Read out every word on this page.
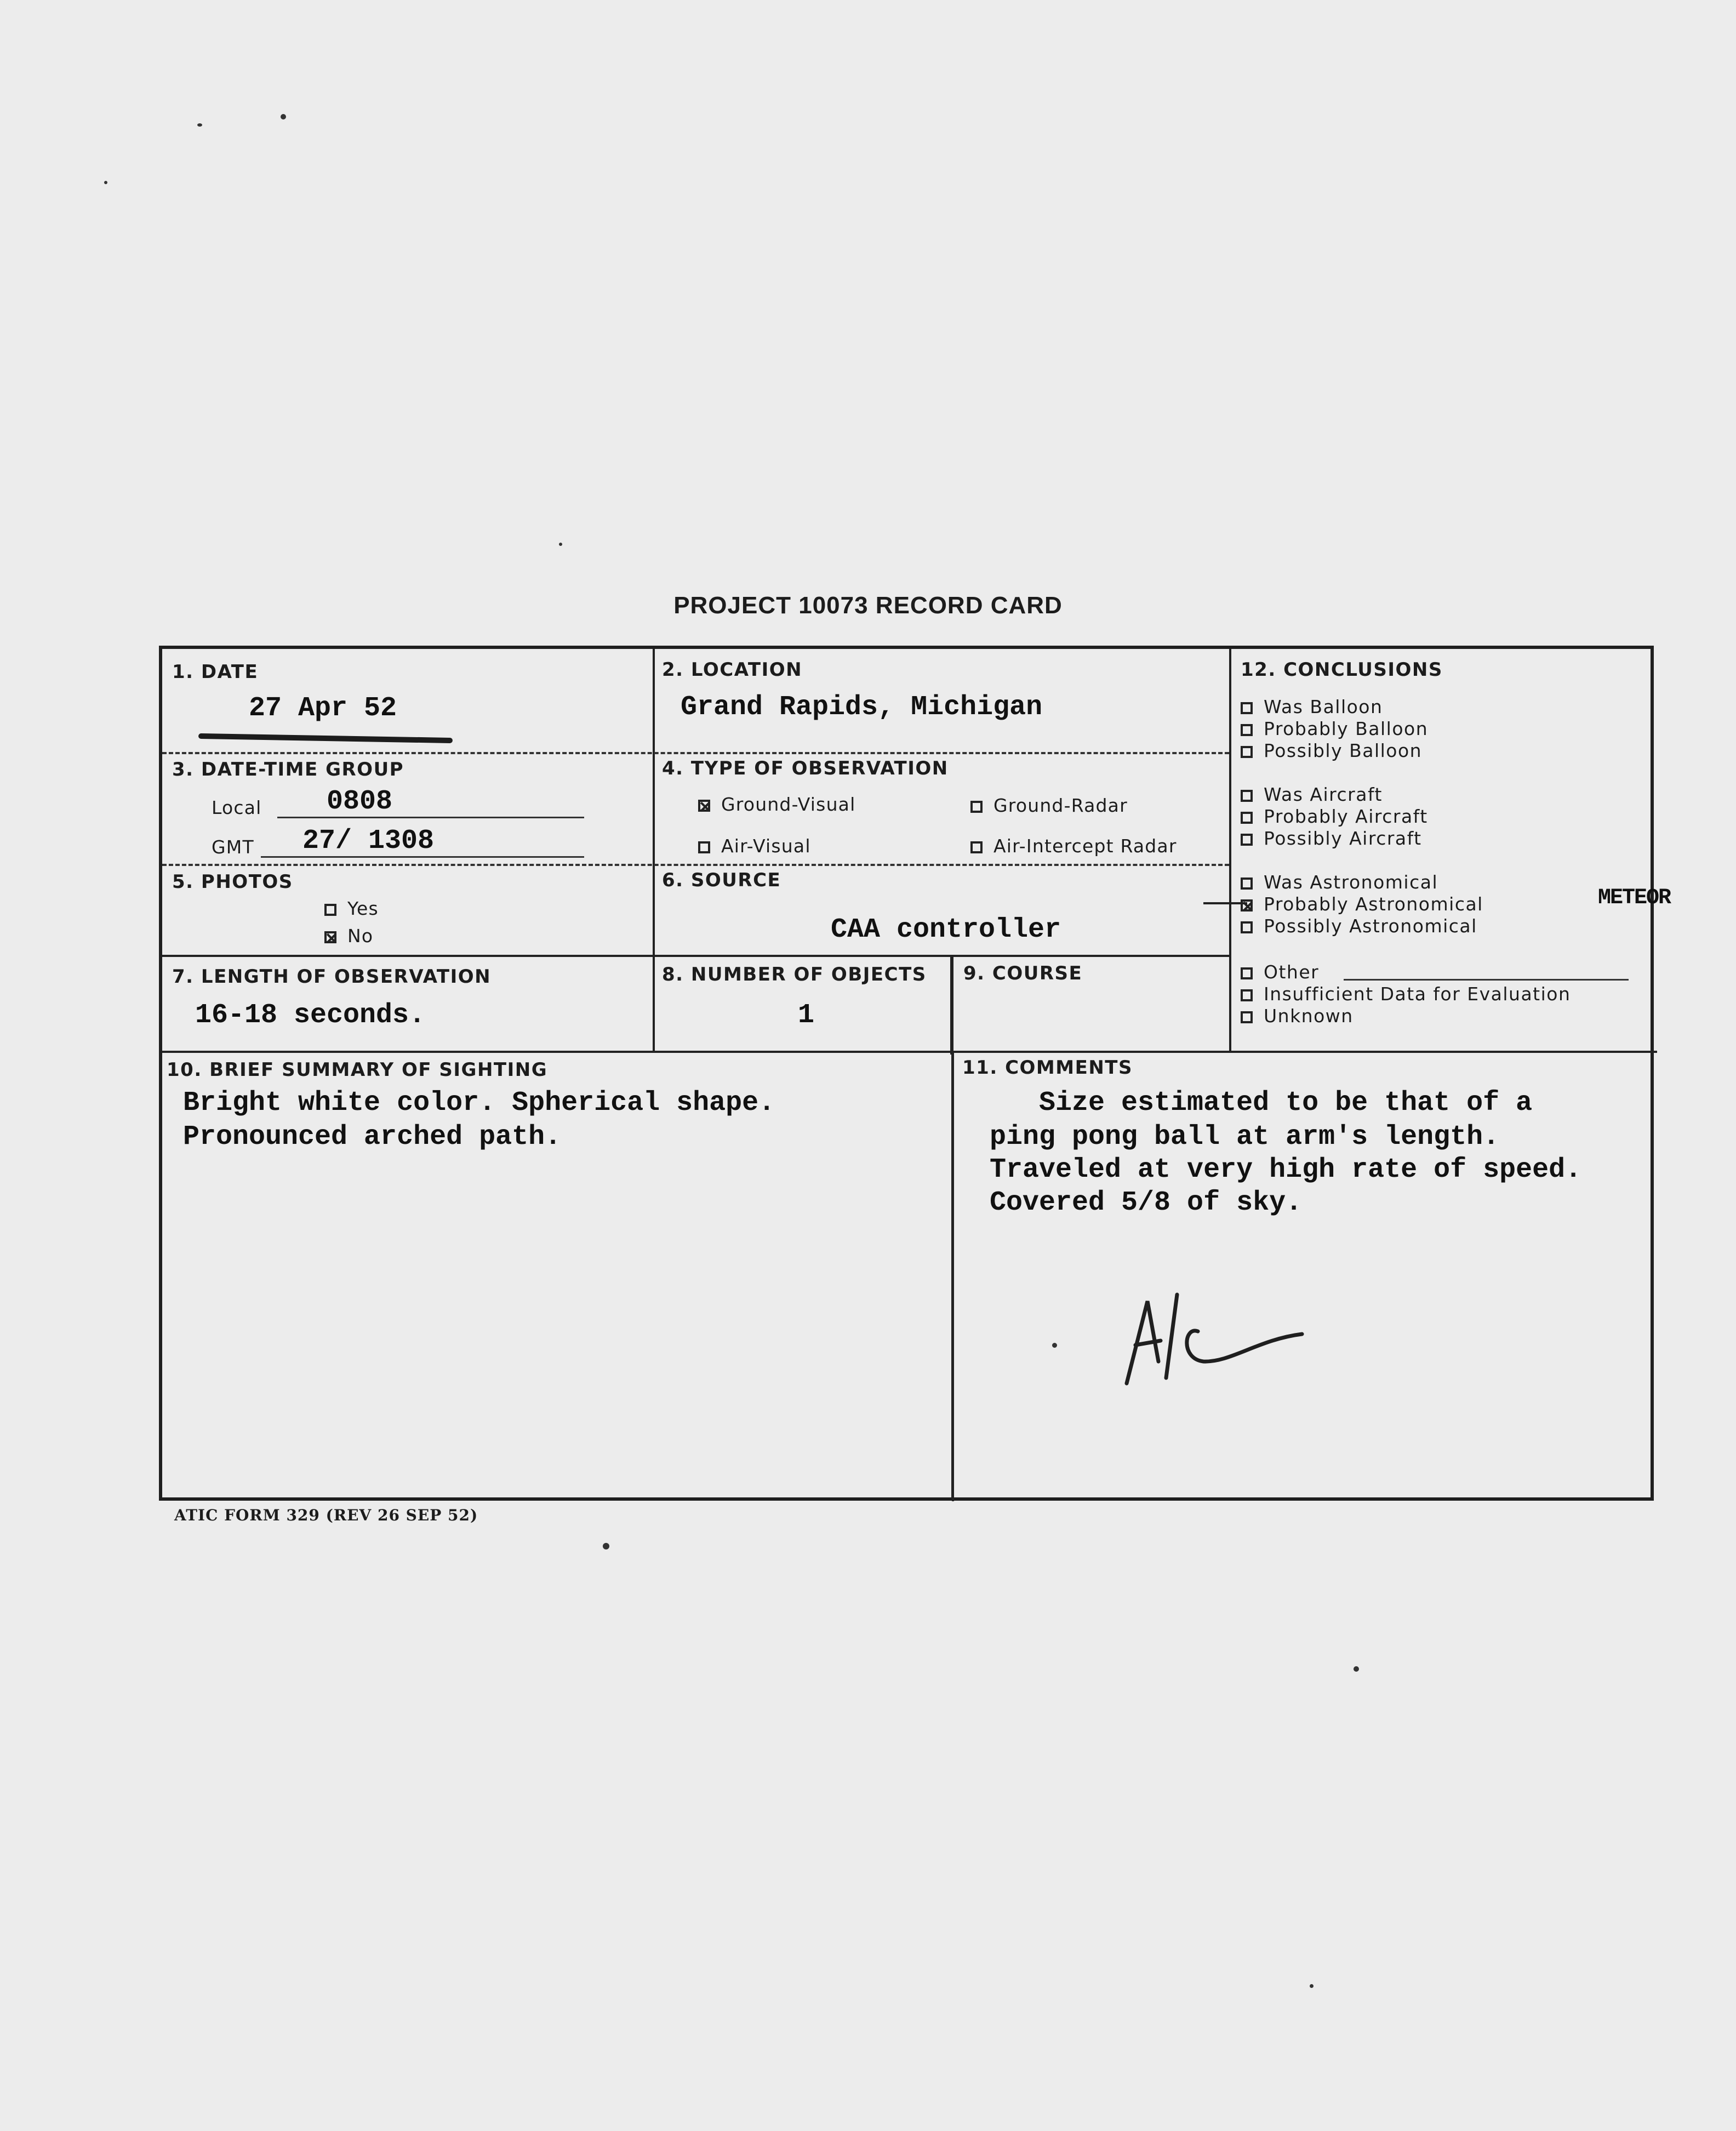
PROJECT 10073 RECORD CARD
1. DATE
27 Apr 52
2. LOCATION
Grand Rapids, Michigan
3. DATE-TIME GROUP
Local 0808
GMT 27/ 1308
4. TYPE OF OBSERVATION
Ground-Visual	Ground-Radar
Air-Visual	Air-Intercept Radar
5. PHOTOS
Yes
No
6. SOURCE
CAA controller
7. LENGTH OF OBSERVATION
16-18 seconds.
8. NUMBER OF OBJECTS
1
9. COURSE
10. BRIEF SUMMARY OF SIGHTING
Bright white color. Spherical shape.
Pronounced arched path.
11. COMMENTS
Size estimated to be that of a
ping pong ball at arm's length.
Traveled at very high rate of speed.
Covered 5/8 of sky.
12. CONCLUSIONS
Was Balloon
Probably Balloon
Possibly Balloon
Was Aircraft
Probably Aircraft
Possibly Aircraft
Was Astronomical
Probably Astronomical
Possibly Astronomical
METEOR
Other
Insufficient Data for Evaluation
Unknown
ATIC FORM 329 (REV 26 SEP 52)
